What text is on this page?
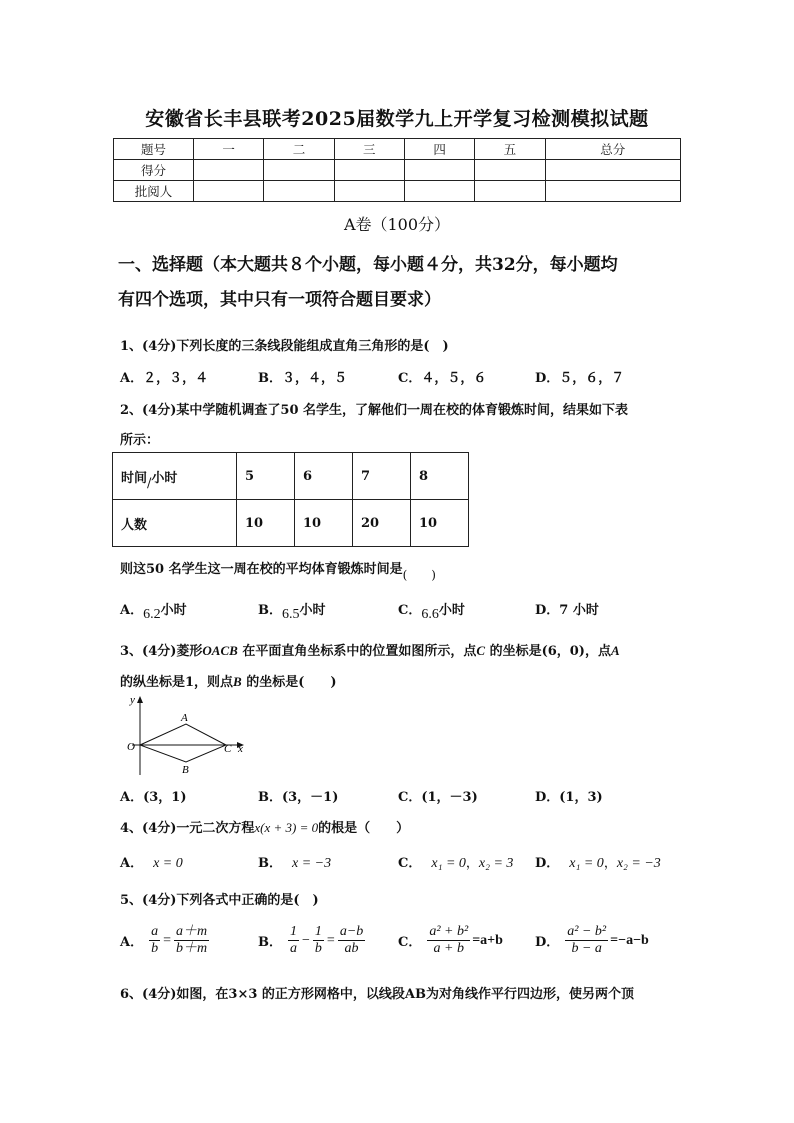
安徽省长丰县联考2025届数学九上开学复习检测模拟试题
题号	一	二	三	四	五	总分
得分						
批阅人						
A卷（100分）
一、选择题（本大题共８个小题，每小题４分，共32分，每小题均
有四个选项，其中只有一项符合题目要求）
1、(4分)下列长度的三条线段能组成直角三角形的是(　)
A．２，３，４	B．３，４，５	C．４，５，６	D．５，６，７
2、(4分)某中学随机调查了50 名学生，了解他们一周在校的体育锻炼时间，结果如下表
所示：
时间/小时	5	6	7	8
人数	10	10	20	10
则这50 名学生这一周在校的平均体育锻炼时间是(　　)
A．6.2小时	B．6.5小时	C．6.6小时	D．7 小时
3、(4分)菱形OACB 在平面直角坐标系中的位置如图所示，点C 的坐标是(6，0)，点A
的纵坐标是1，则点B 的坐标是(　　)
y
x
O
A
B
C
A．(3，1)	B．(3，－1)	C．(1，－3)	D．(1，3)
4、(4分)一元二次方程x(x + 3) = 0的根是（　　）
A． x = 0	B． x = −3	C． x₁ = 0，x₂ = 3 D． x₁ = 0，x₂ = −3
5、(4分)下列各式中正确的是(　)
A． $\frac{a}{b} = \frac{a+m}{b+m}$	B． $\frac{1}{a} - \frac{1}{b} = \frac{a-b}{ab}$	C． $\frac{\text{a² + b²}}{a + b} =a+b$ D． $\frac{\text{a² − b²}}{b - a} =-a-b$
6、(4分)如图，在3×3 的正方形网格中，以线段AB为对角线作平行四边形，使另两个顶
